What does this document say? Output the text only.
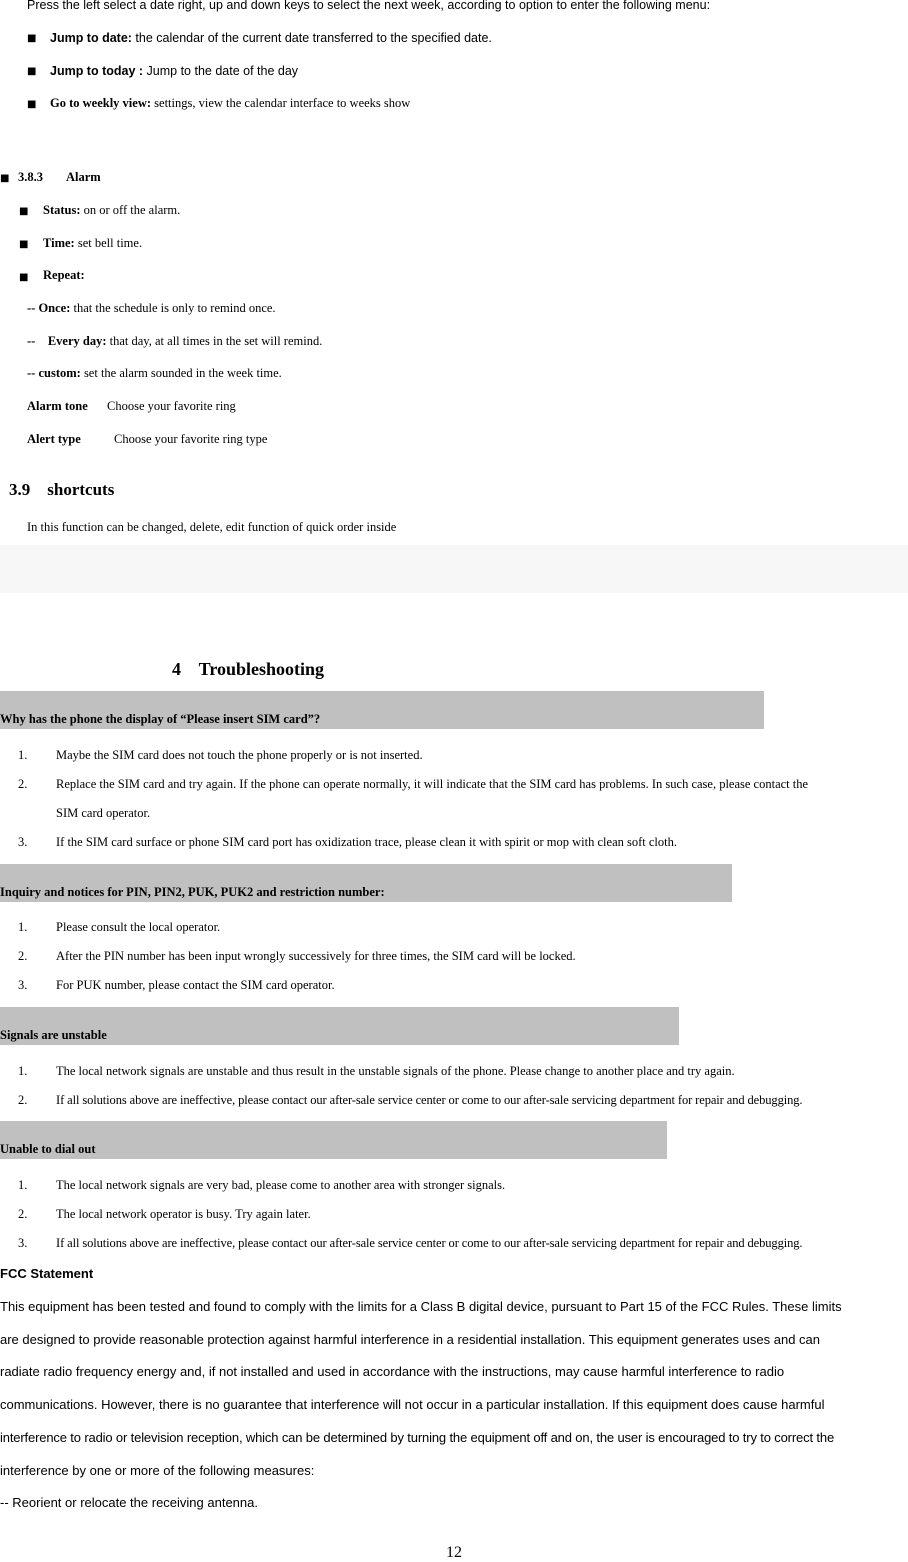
Press the left select a date right, up and down keys to select the next week, according to option to enter the following menu:
■ Jump to date: the calendar of the current date transferred to the specified date.
■ Jump to today : Jump to the date of the day
■ Go to weekly view: settings, view the calendar interface to weeks show
■ 3.8.3 Alarm
■ Status: on or off the alarm.
■ Time: set bell time.
■ Repeat:
-- Once: that the schedule is only to remind once.
--    Every day: that day, at all times in the set will remind.
-- custom: set the alarm sounded in the week time.
Alarm tone Choose your favorite ring
Alert type	Choose your favorite ring type
3.9    shortcuts
In this function can be changed, delete, edit function of quick order inside
4    Troubleshooting
Why has the phone the display of “Please insert SIM card”?
1. Maybe the SIM card does not touch the phone properly or is not inserted.
2. Replace the SIM card and try again. If the phone can operate normally, it will indicate that the SIM card has problems. In such case, please contact the
SIM card operator.
3. If the SIM card surface or phone SIM card port has oxidization trace, please clean it with spirit or mop with clean soft cloth.
Inquiry and notices for PIN, PIN2, PUK, PUK2 and restriction number:
1. Please consult the local operator.
2. After the PIN number has been input wrongly successively for three times, the SIM card will be locked.
3. For PUK number, please contact the SIM card operator.
Signals are unstable
1. The local network signals are unstable and thus result in the unstable signals of the phone. Please change to another place and try again.
2. If all solutions above are ineffective, please contact our after-sale service center or come to our after-sale servicing department for repair and debugging.
Unable to dial out
1. The local network signals are very bad, please come to another area with stronger signals.
2. The local network operator is busy. Try again later.
3. If all solutions above are ineffective, please contact our after-sale service center or come to our after-sale servicing department for repair and debugging.
FCC Statement
This equipment has been tested and found to comply with the limits for a Class B digital device, pursuant to Part 15 of the FCC Rules. These limits
are designed to provide reasonable protection against harmful interference in a residential installation. This equipment generates uses and can
radiate radio frequency energy and, if not installed and used in accordance with the instructions, may cause harmful interference to radio
communications. However, there is no guarantee that interference will not occur in a particular installation. If this equipment does cause harmful
interference to radio or television reception, which can be determined by turning the equipment off and on, the user is encouraged to try to correct the
interference by one or more of the following measures:
-- Reorient or relocate the receiving antenna.
12
